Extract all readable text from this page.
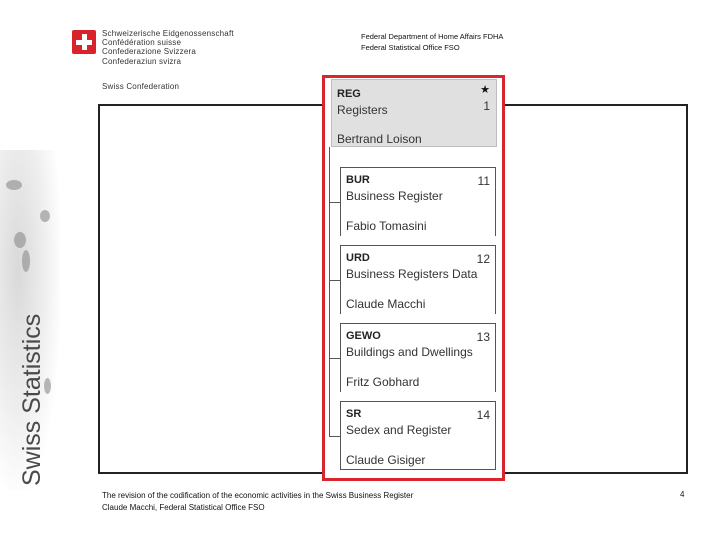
Schweizerische Eidgenossenschaft
Confédération suisse
Confederazione Svizzera
Confederaziun svizra
Swiss Confederation
Federal Department of Home Affairs FDHA
Federal Statistical Office FSO
Swiss Statistics
REG	★
Registers	1
Bertrand Loison
BUR	11
Business Register
Fabio Tomasini
URD	12
Business Registers Data
Claude Macchi
GEWO	13
Buildings and Dwellings
Fritz Gobhard
SR	14
Sedex and Register
Claude Gisiger
The revision of the codification of the economic activities in the Swiss Business Register
Claude Macchi, Federal Statistical Office FSO
4
